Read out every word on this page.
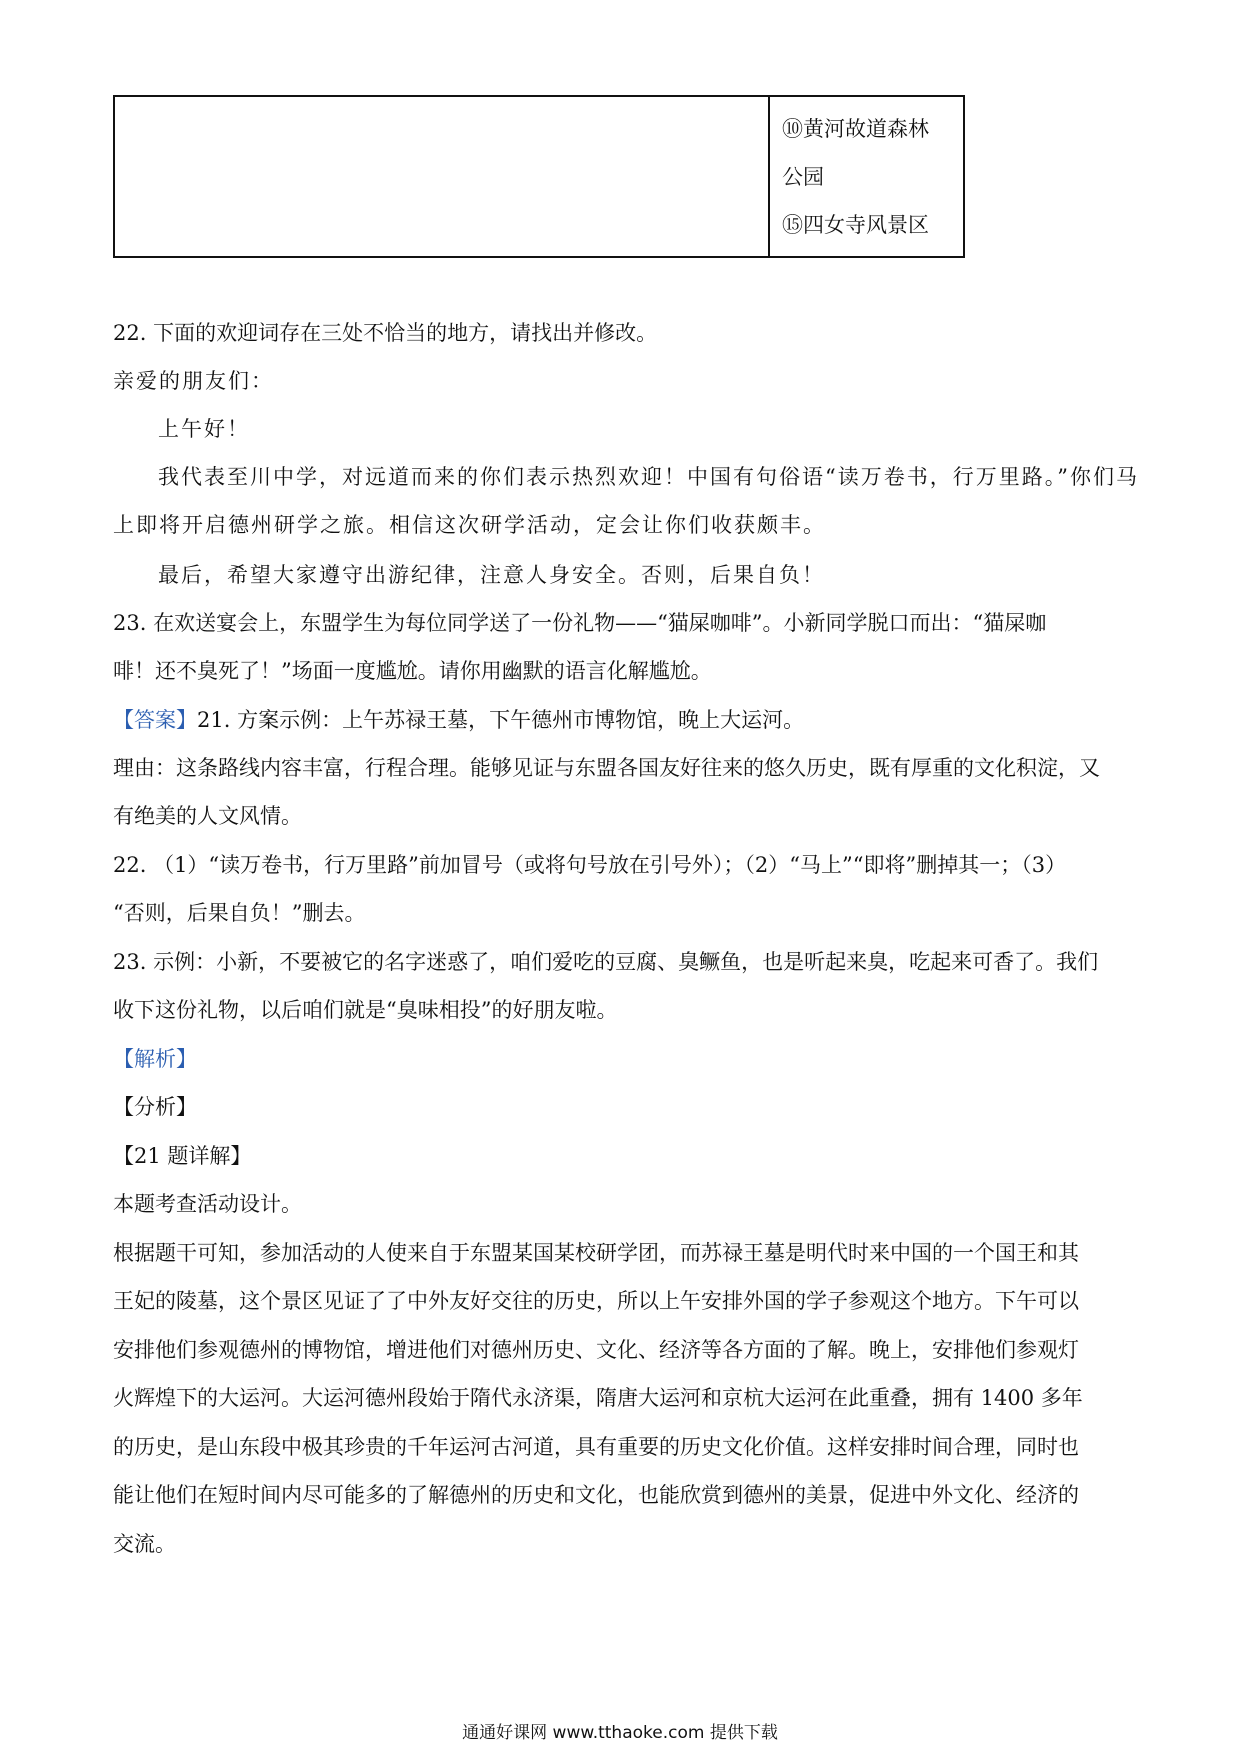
⑩黄河故道森林
公园
⑮四女寺风景区
22. 下面的欢迎词存在三处不恰当的地方，请找出并修改。
亲爱的朋友们：
上午好！
我代表至川中学，对远道而来的你们表示热烈欢迎！中国有句俗语“读万卷书，行万里路。”你们马
上即将开启德州研学之旅。相信这次研学活动，定会让你们收获颇丰。
最后，希望大家遵守出游纪律，注意人身安全。否则，后果自负！
23. 在欢送宴会上，东盟学生为每位同学送了一份礼物——“猫屎咖啡”。小新同学脱口而出：“猫屎咖
啡！还不臭死了！”场面一度尴尬。请你用幽默的语言化解尴尬。
【答案】21. 方案示例：上午苏禄王墓，下午德州市博物馆，晚上大运河。
理由：这条路线内容丰富，行程合理。能够见证与东盟各国友好往来的悠久历史，既有厚重的文化积淀，又
有绝美的人文风情。
22. （1）“读万卷书，行万里路”前加冒号（或将句号放在引号外）；（2）“马上”“即将”删掉其一；（3）
“否则，后果自负！”删去。
23. 示例：小新，不要被它的名字迷惑了，咱们爱吃的豆腐、臭鳜鱼，也是听起来臭，吃起来可香了。我们
收下这份礼物，以后咱们就是“臭味相投”的好朋友啦。
【解析】
【分析】
【21 题详解】
本题考查活动设计。
根据题干可知，参加活动的人使来自于东盟某国某校研学团，而苏禄王墓是明代时来中国的一个国王和其
王妃的陵墓，这个景区见证了了中外友好交往的历史，所以上午安排外国的学子参观这个地方。下午可以
安排他们参观德州的博物馆，增进他们对德州历史、文化、经济等各方面的了解。晚上，安排他们参观灯
火辉煌下的大运河。大运河德州段始于隋代永济渠，隋唐大运河和京杭大运河在此重叠，拥有 1400 多年
的历史，是山东段中极其珍贵的千年运河古河道，具有重要的历史文化价值。这样安排时间合理，同时也
能让他们在短时间内尽可能多的了解德州的历史和文化，也能欣赏到德州的美景，促进中外文化、经济的
交流。
通通好课网 www.tthaoke.com 提供下载
